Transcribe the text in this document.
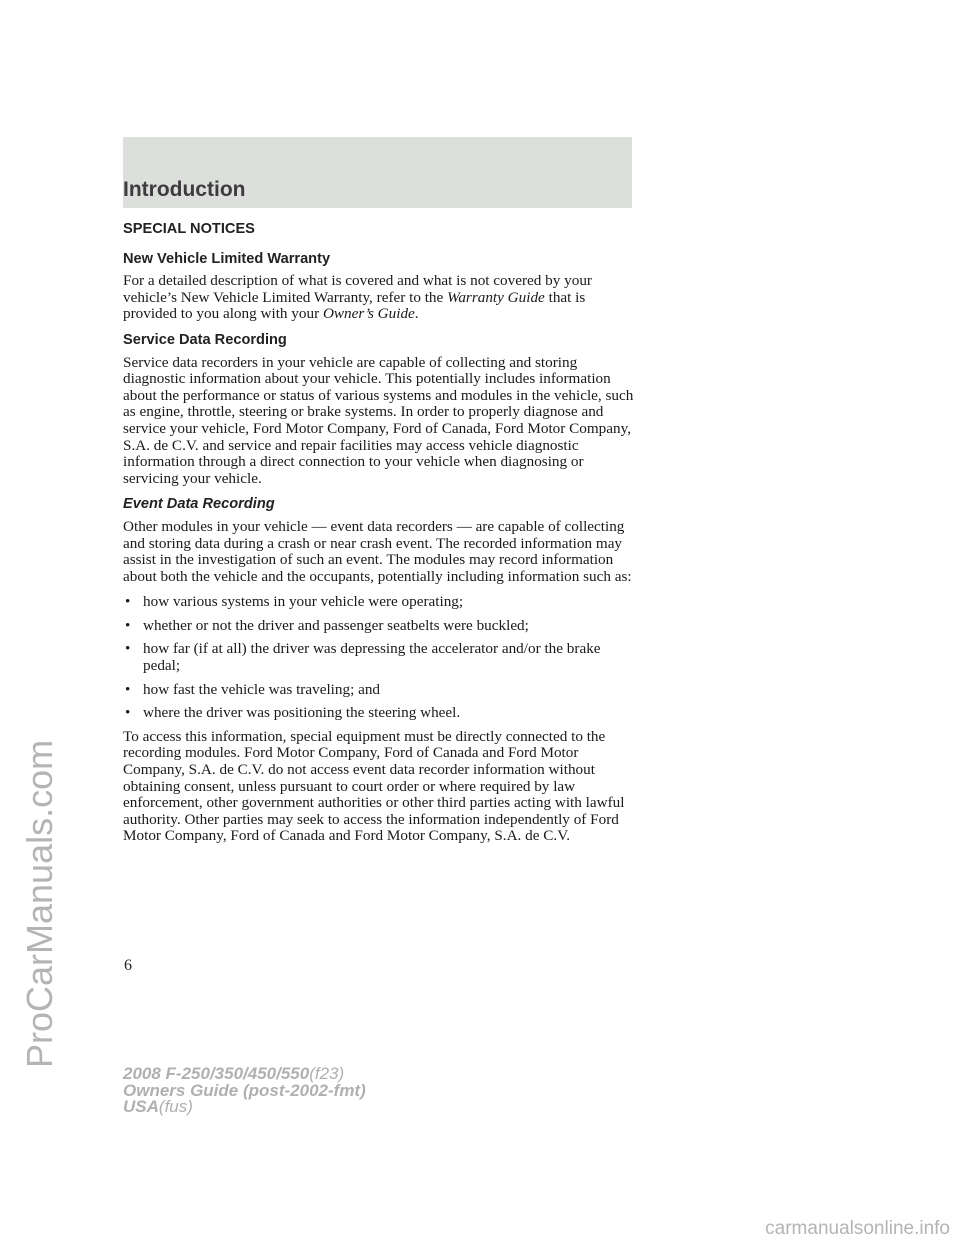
Introduction
SPECIAL NOTICES
New Vehicle Limited Warranty

For a detailed description of what is covered and what is not covered by your vehicle’s New Vehicle Limited Warranty, refer to the Warranty Guide that is provided to you along with your Owner’s Guide.

Service Data Recording

Service data recorders in your vehicle are capable of collecting and storing diagnostic information about your vehicle. This potentially includes information about the performance or status of various systems and modules in the vehicle, such as engine, throttle, steering or brake systems. In order to properly diagnose and service your vehicle, Ford Motor Company, Ford of Canada, Ford Motor Company, S.A. de C.V. and service and repair facilities may access vehicle diagnostic information through a direct connection to your vehicle when diagnosing or servicing your vehicle.

Event Data Recording

Other modules in your vehicle — event data recorders — are capable of collecting and storing data during a crash or near crash event. The recorded information may assist in the investigation of such an event. The modules may record information about both the vehicle and the occupants, potentially including information such as:

• how various systems in your vehicle were operating;
• whether or not the driver and passenger seatbelts were buckled;
• how far (if at all) the driver was depressing the accelerator and/or the brake pedal;
• how fast the vehicle was traveling; and
• where the driver was positioning the steering wheel.

To access this information, special equipment must be directly connected to the recording modules. Ford Motor Company, Ford of Canada and Ford Motor Company, S.A. de C.V. do not access event data recorder information without obtaining consent, unless pursuant to court order or where required by law enforcement, other government authorities or other third parties acting with lawful authority. Other parties may seek to access the information independently of Ford Motor Company, Ford of Canada and Ford Motor Company, S.A. de C.V.

6
2008 F-250/350/450/550(f23)
Owners Guide (post-2002-fmt)
USA(fus)
ProCarManuals.com
carmanualsonline.info
